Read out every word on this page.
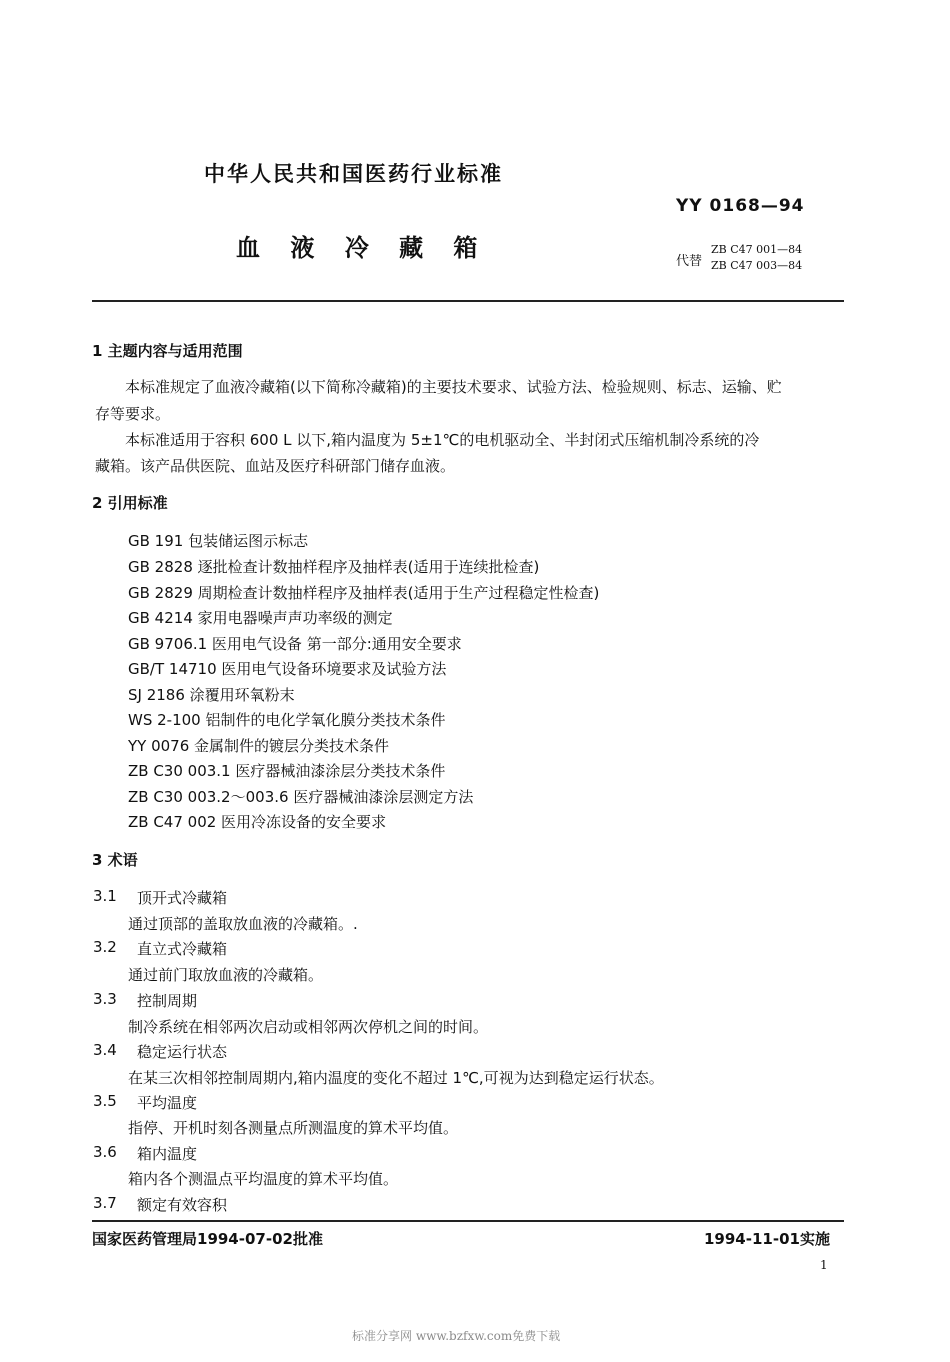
中华人民共和国医药行业标准
YY 0168—94
血 液 冷 藏 箱	代替
ZB C47 001—84
ZB C47 003—84
1 主题内容与适用范围
本标准规定了血液冷藏箱(以下简称冷藏箱)的主要技术要求、试验方法、检验规则、标志、运输、贮
存等要求。
本标准适用于容积 600 L 以下,箱内温度为 5±1℃的电机驱动全、半封闭式压缩机制冷系统的冷
藏箱。该产品供医院、血站及医疗科研部门储存血液。
2 引用标准
GB 191 包装储运图示标志
GB 2828 逐批检查计数抽样程序及抽样表(适用于连续批检查)
GB 2829 周期检查计数抽样程序及抽样表(适用于生产过程稳定性检查)
GB 4214 家用电器噪声声功率级的测定
GB 9706.1 医用电气设备 第一部分:通用安全要求
GB/T 14710 医用电气设备环境要求及试验方法
SJ 2186 涂覆用环氧粉末
WS 2-100 铝制件的电化学氧化膜分类技术条件
YY 0076 金属制件的镀层分类技术条件
ZB C30 003.1 医疗器械油漆涂层分类技术条件
ZB C30 003.2～003.6 医疗器械油漆涂层测定方法
ZB C47 002 医用冷冻设备的安全要求
3 术语
3.1 顶开式冷藏箱
通过顶部的盖取放血液的冷藏箱。.
3.2 直立式冷藏箱
通过前门取放血液的冷藏箱。
3.3 控制周期
制冷系统在相邻两次启动或相邻两次停机之间的时间。
3.4 稳定运行状态
在某三次相邻控制周期内,箱内温度的变化不超过 1℃,可视为达到稳定运行状态。
3.5 平均温度
指停、开机时刻各测量点所测温度的算术平均值。
3.6 箱内温度
箱内各个测温点平均温度的算术平均值。
3.7 额定有效容积
国家医药管理局1994-07-02批准	1994-11-01实施
1
标准分享网 www.bzfxw.com免费下载
